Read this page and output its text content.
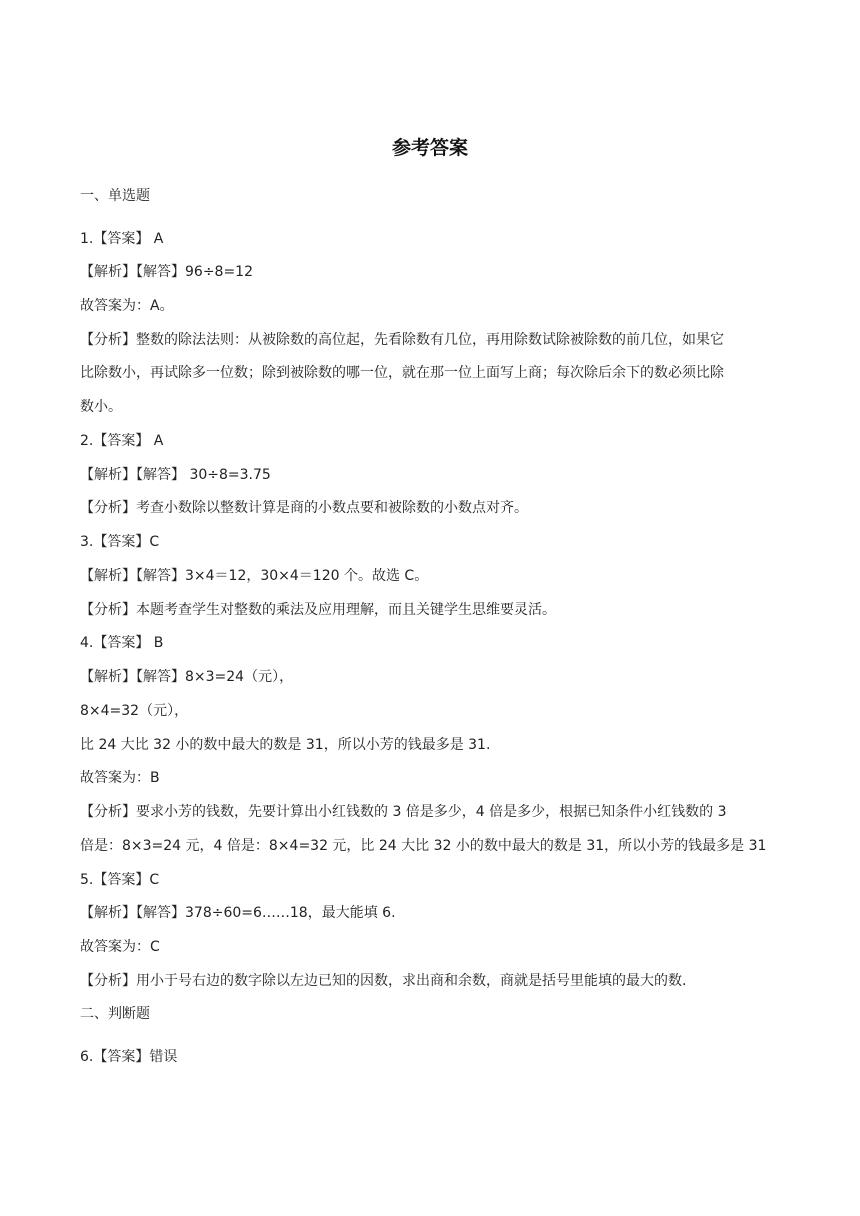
参考答案
一、单选题
1.【答案】 A
【解析】【解答】96÷8=12
故答案为：A。
【分析】整数的除法法则：从被除数的高位起，先看除数有几位，再用除数试除被除数的前几位，如果它
比除数小，再试除多一位数；除到被除数的哪一位，就在那一位上面写上商；每次除后余下的数必须比除
数小。
2.【答案】 A
【解析】【解答】 30÷8=3.75
【分析】考查小数除以整数计算是商的小数点要和被除数的小数点对齐。
3.【答案】C
【解析】【解答】3×4＝12，30×4＝120 个。故选 C。
【分析】本题考查学生对整数的乘法及应用理解，而且关键学生思维要灵活。
4.【答案】 B
【解析】【解答】8×3=24（元），
8×4=32（元），
比 24 大比 32 小的数中最大的数是 31，所以小芳的钱最多是 31.
故答案为：B
【分析】要求小芳的钱数，先要计算出小红钱数的 3 倍是多少，4 倍是多少，根据已知条件小红钱数的 3
倍是：8×3=24 元，4 倍是：8×4=32 元，比 24 大比 32 小的数中最大的数是 31，所以小芳的钱最多是 31
5.【答案】C
【解析】【解答】378÷60=6……18，最大能填 6.
故答案为：C
【分析】用小于号右边的数字除以左边已知的因数，求出商和余数，商就是括号里能填的最大的数.
二、判断题
6.【答案】错误
